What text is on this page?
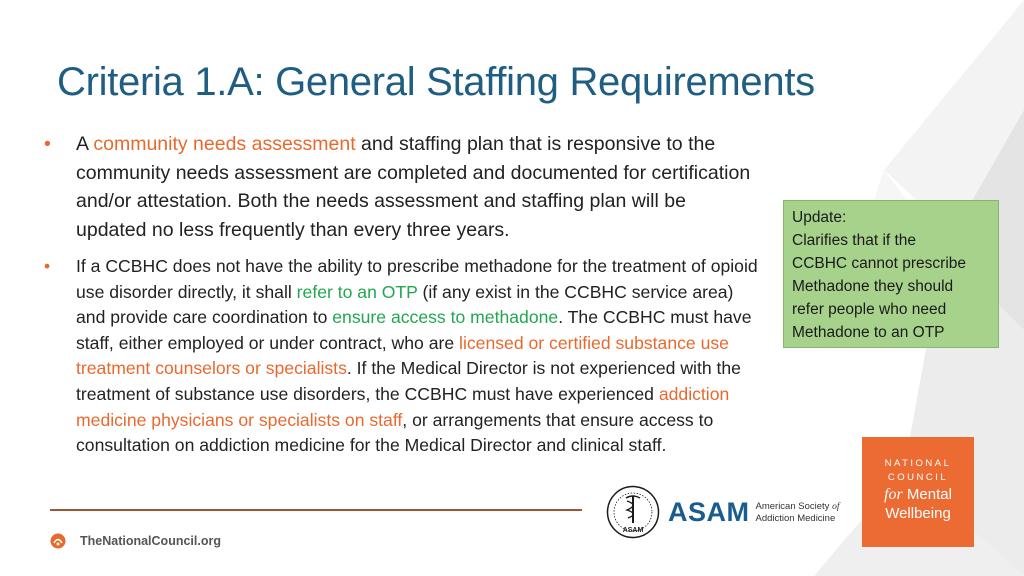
Criteria 1.A: General Staffing Requirements
• A community needs assessment and staffing plan that is responsive to the community needs assessment are completed and documented for certification and/or attestation. Both the needs assessment and staffing plan will be updated no less frequently than every three years.
• If a CCBHC does not have the ability to prescribe methadone for the treatment of opioid use disorder directly, it shall refer to an OTP (if any exist in the CCBHC service area) and provide care coordination to ensure access to methadone. The CCBHC must have staff, either employed or under contract, who are licensed or certified substance use treatment counselors or specialists. If the Medical Director is not experienced with the treatment of substance use disorders, the CCBHC must have experienced addiction medicine physicians or specialists on staff, or arrangements that ensure access to consultation on addiction medicine for the Medical Director and clinical staff.
Update:
Clarifies that if the
CCBHC cannot prescribe
Methadone they should
refer people who need
Methadone to an OTP
TheNationalCouncil.org
ASAM
ASAM American Society of
Addiction Medicine
NATIONAL
COUNCIL
for Mental
Wellbeing
